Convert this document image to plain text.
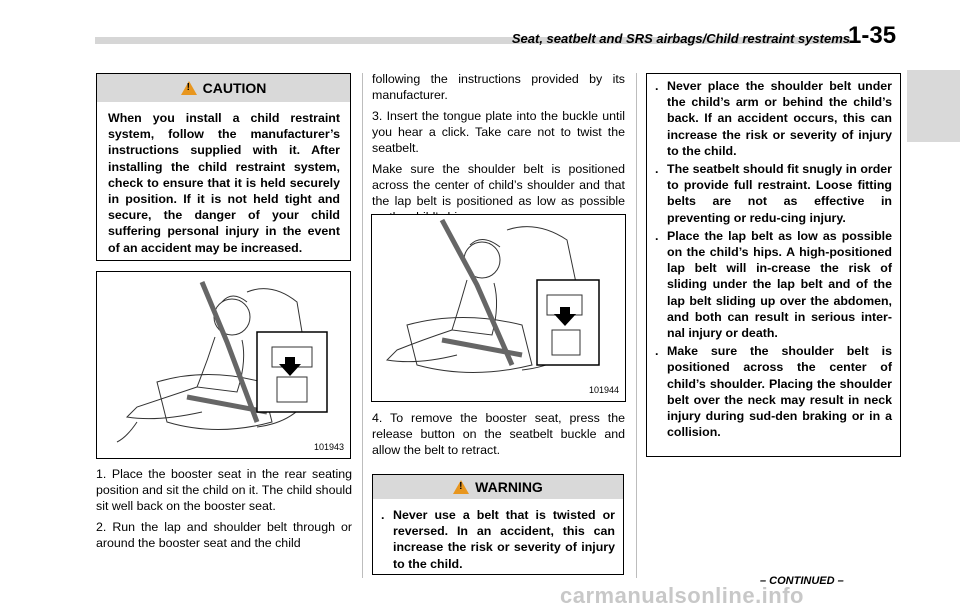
Seat, seatbelt and SRS airbags/Child restraint systems
1-35
!
CAUTION
When you install a child restraint system, follow the manufacturer’s instructions supplied with it. After installing the child restraint system, check to ensure that it is held securely in position. If it is not held tight and secure, the danger of your child suffering personal injury in the event of an accident may be increased.
101943

1. Place the booster seat in the rear seating position and sit the child on it. The child should sit well back on the booster seat.

2. Run the lap and shoulder belt through or around the booster seat and the child

following the instructions provided by its manufacturer.

3. Insert the tongue plate into the buckle until you hear a click. Take care not to twist the seatbelt.

Make sure the shoulder belt is positioned across the center of child’s shoulder and that the lap belt is positioned as low as possible

101944

4. To remove the booster seat, press the release button on the seatbelt buckle and allow the belt to retract.

!
WARNING
. Never use a belt that is twisted or reversed. In an accident, this can increase the risk or severity of injury to the child.
. Never place the shoulder belt under the child’s arm or behind the child’s back. If an accident occurs, this can increase the risk or severity of injury to the child.
. The seatbelt should fit snugly in order to provide full restraint. Loose fitting belts are not as effective in preventing or redu-cing injury.
. Place the lap belt as low as possible on the child’s hips. A high-positioned lap belt will in-crease the risk of sliding under the lap belt and of the lap belt sliding up over the abdomen, and both can result in serious inter-nal injury or death.
. Make sure the shoulder belt is positioned across the center of child’s shoulder. Placing the shoulder belt over the neck may result in neck injury during sud-den braking or in a collision.
– CONTINUED –
carmanualsonline.info
